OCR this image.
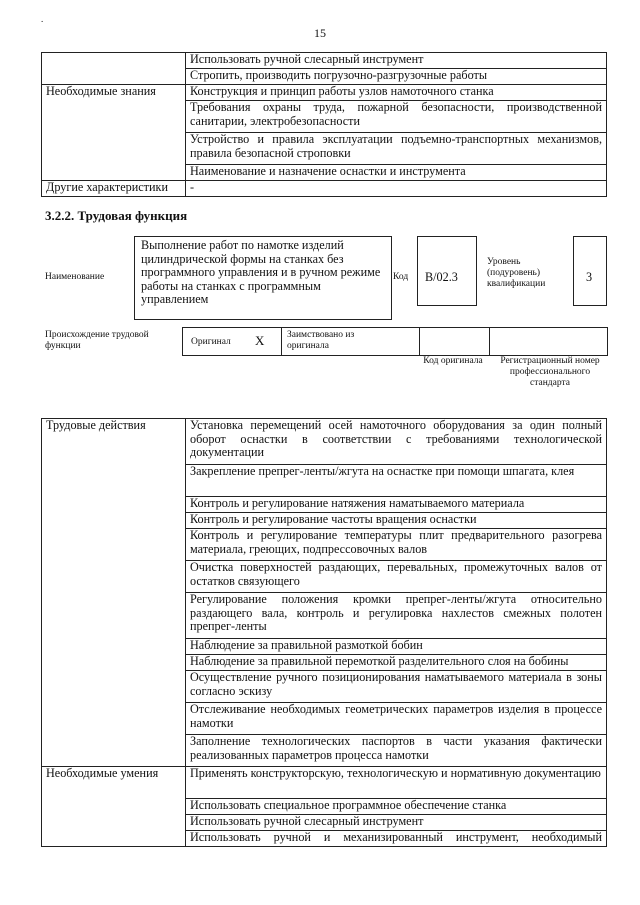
.
15
	Использовать ручной слесарный инструмент
	Стропить, производить погрузочно-разгрузочные работы
Необходимые знания	Конструкция и принцип работы узлов намоточного станка
	Требования охраны труда, пожарной безопасности, производственной санитарии, электробезопасности
	Устройство и правила эксплуатации подъемно-транспортных механизмов, правила безопасной строповки
	Наименование и назначение оснастки и инструмента
Другие характеристики	-
3.2.2. Трудовая функция
Наименование
Выполнение работ по намотке изделий цилиндрической формы на станках без программного управления и в ручном режиме работы на станках с программным управлением
Код B/02.3
Уровень (подуровень) квалификации	3
Происхождение трудовой функции	Оригинал X Заимствовано из оригинала
Код оригинала	Регистрационный номер профессионального стандарта
Трудовые действия	Установка перемещений осей намоточного оборудования за один полный оборот оснастки в соответствии с требованиями технологической документации
	Закрепление препрег-ленты/жгута на оснастке при помощи шпагата, клея
	Контроль и регулирование натяжения наматываемого материала
	Контроль и регулирование частоты вращения оснастки
	Контроль и регулирование температуры плит предварительного разогрева материала, греющих, подпрессовочных валов
	Очистка поверхностей раздающих, перевальных, промежуточных валов от остатков связующего
	Регулирование положения кромки препрег-ленты/жгута относительно раздающего вала, контроль и регулировка нахлестов смежных полотен препрег-ленты
	Наблюдение за правильной размоткой бобин
	Наблюдение за правильной перемоткой разделительного слоя на бобины
	Осуществление ручного позиционирования наматываемого материала в зоны согласно эскизу
	Отслеживание необходимых геометрических параметров изделия в процессе намотки
	Заполнение технологических паспортов в части указания фактически реализованных параметров процесса намотки
Необходимые умения	Применять конструкторскую, технологическую и нормативную документацию
	Использовать специальное программное обеспечение станка
	Использовать ручной слесарный инструмент
	Использовать ручной и механизированный инструмент, необходимый
